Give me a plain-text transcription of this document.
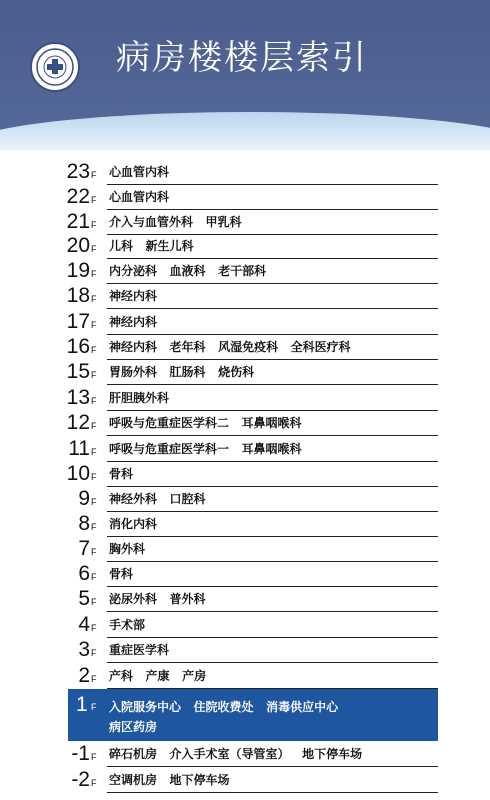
病房楼楼层索引
23 F 心血管内科
22 F 心血管内科
21 F 介入与血管外科   甲乳科
20 F 儿科   新生儿科
19 F 内分泌科   血液科   老干部科
18 F 神经内科
17 F 神经内科
16 F 神经内科   老年科   风湿免疫科   全科医疗科
15 F 胃肠外科   肛肠科   烧伤科
13 F 肝胆胰外科
12 F 呼吸与危重症医学科二   耳鼻咽喉科
11 F 呼吸与危重症医学科一   耳鼻咽喉科
10 F 骨科
9 F 神经外科   口腔科
8 F 消化内科
7 F 胸外科
6 F 骨科
5 F 泌尿外科   普外科
4 F 手术部
3 F 重症医学科
2 F 产科   产康   产房
-1 F 碎石机房   介入手术室（导管室）   地下停车场
-2 F 空调机房   地下停车场
1 F 入院服务中心   住院收费处   消毒供应中心
病区药房
